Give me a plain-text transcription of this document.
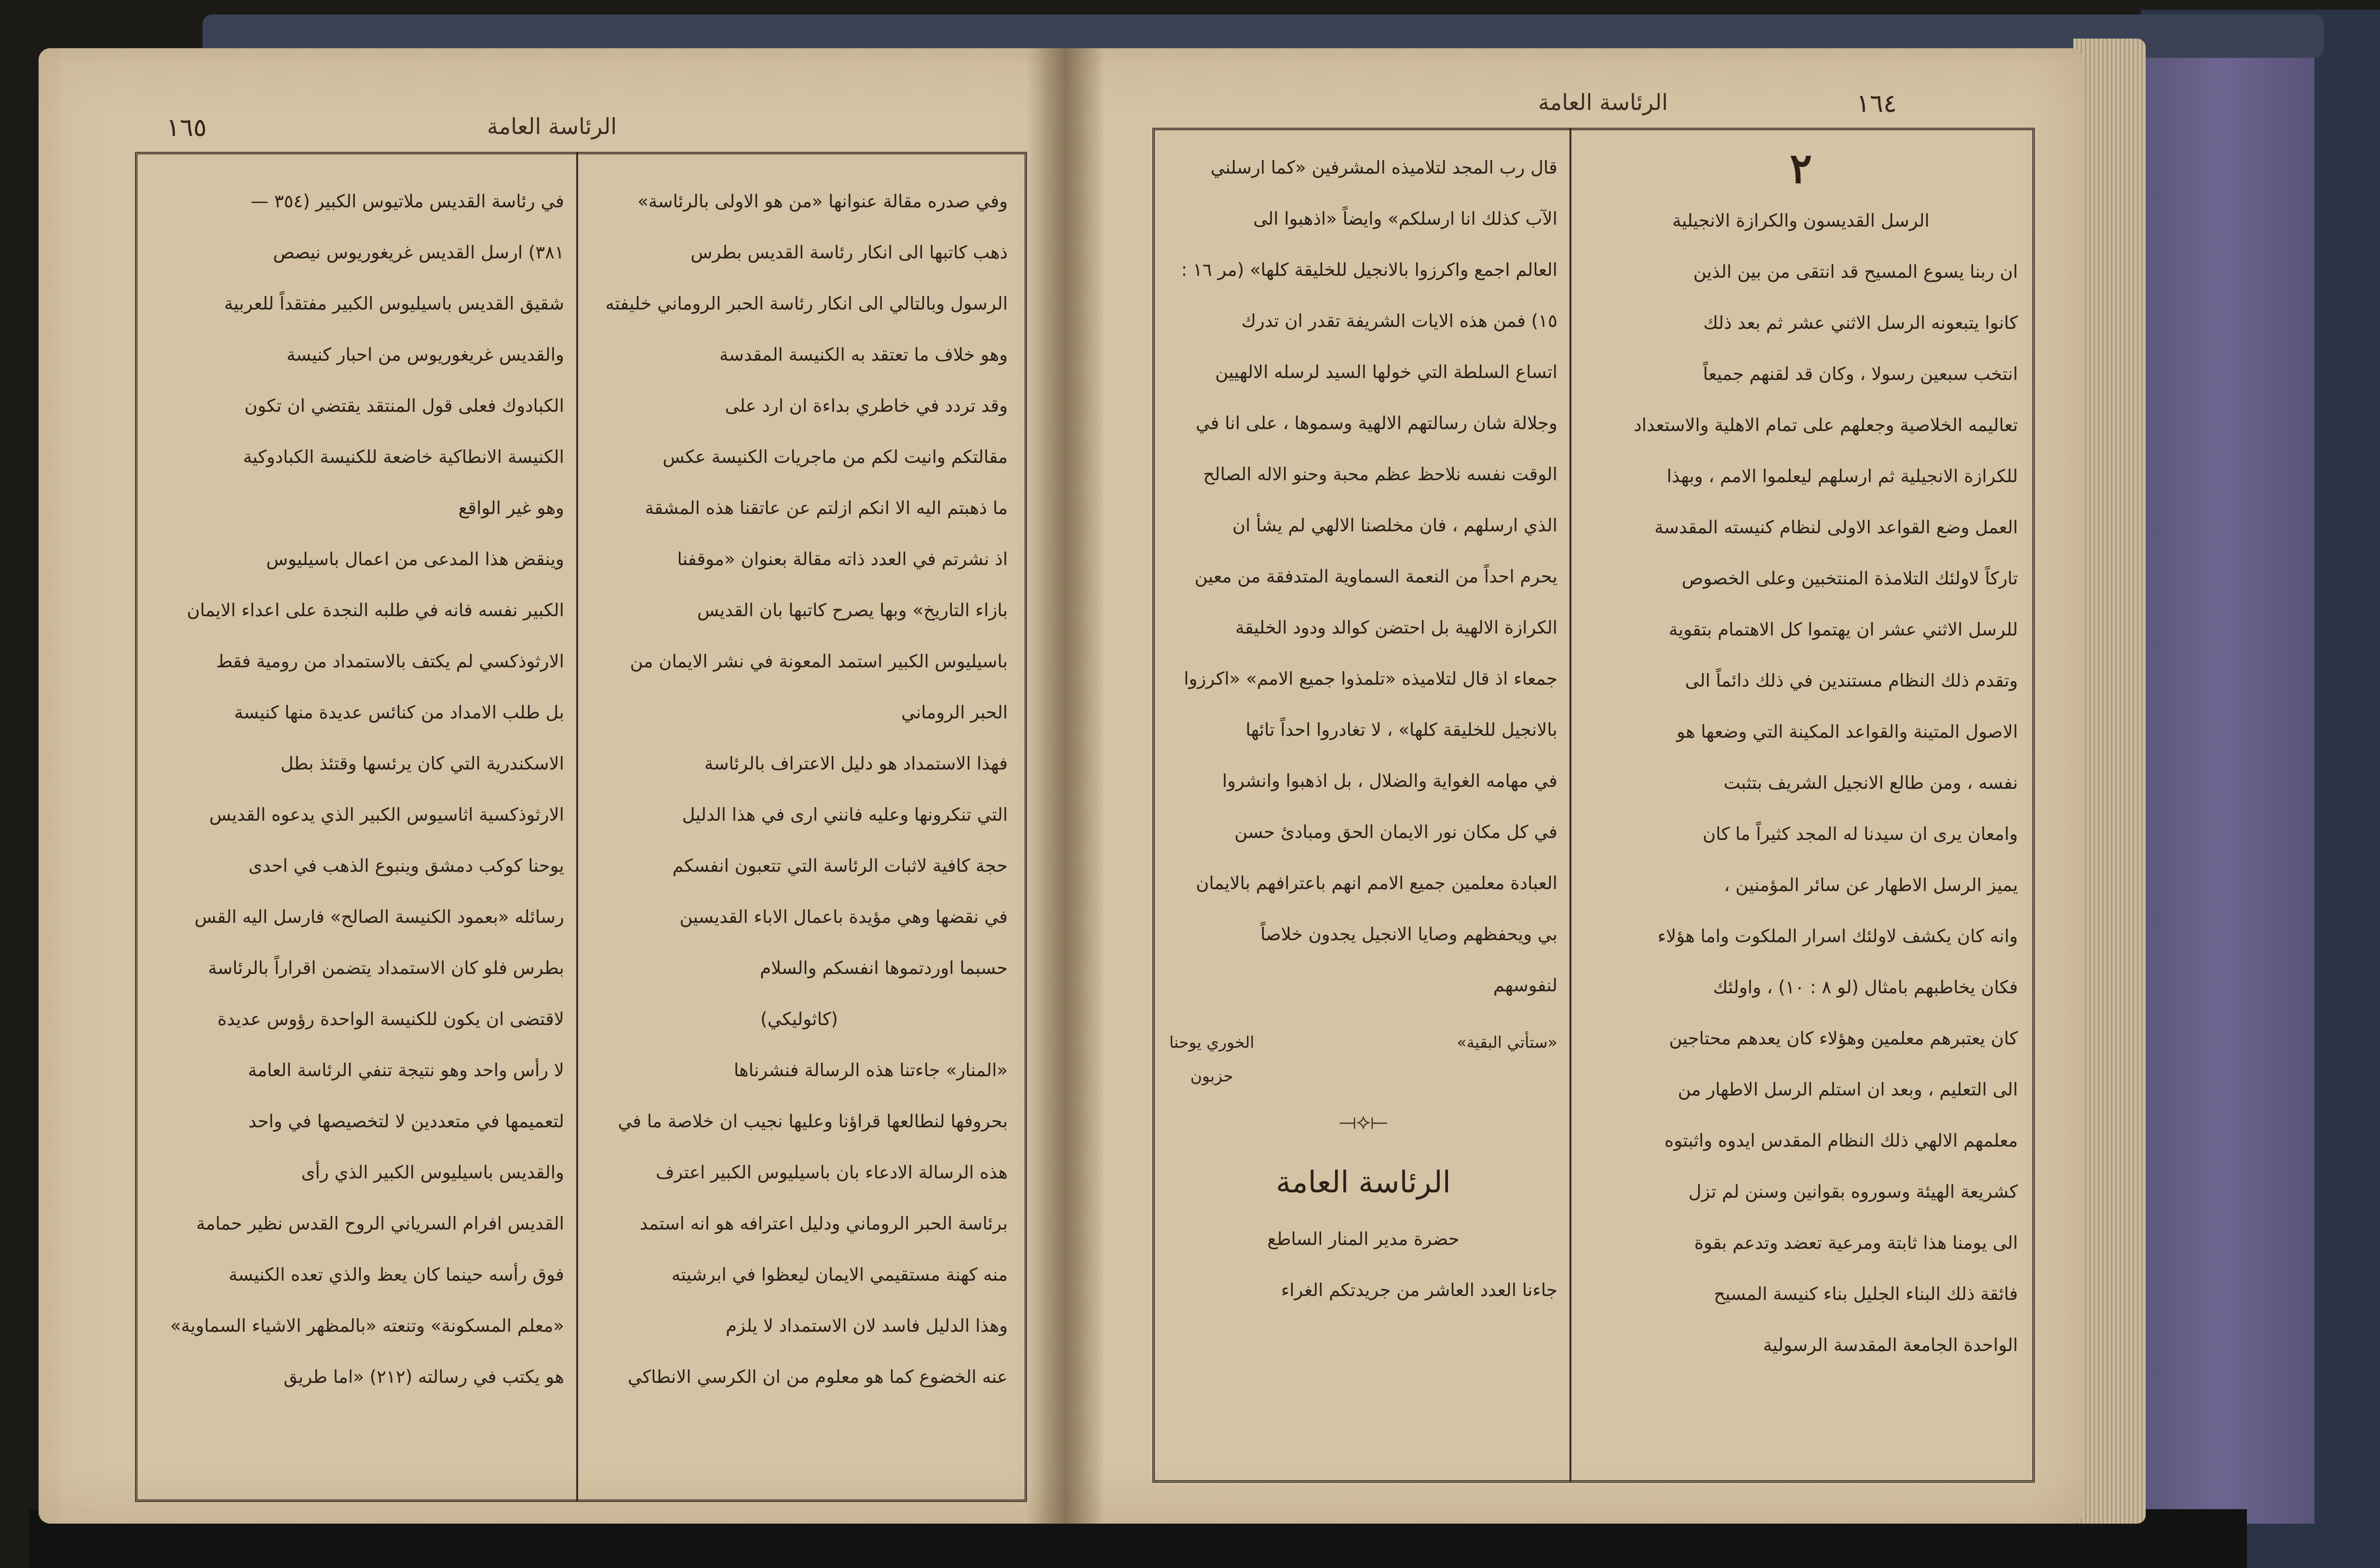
١٦٥	الرئاسة العامة

وفي صدره مقالة عنوانها «من هو الاولى بالرئاسة»

ذهب كاتبها الى انكار رئاسة القديس بطرس

الرسول وبالتالي الى انكار رئاسة الحبر الروماني خليفته

وهو خلاف ما تعتقد به الكنيسة المقدسة

وقد تردد في خاطري بداءة ان ارد على

مقالتكم وانيت لكم من ماجريات الكنيسة عكس

ما ذهبتم اليه الا انكم ازلتم عن عاتقنا هذه المشقة

اذ نشرتم في العدد ذاته مقالة بعنوان «موقفنا

بازاء التاريخ» وبها يصرح كاتبها بان القديس

باسيليوس الكبير استمد المعونة في نشر الايمان من

الحبر الروماني

فهذا الاستمداد هو دليل الاعتراف بالرئاسة

التي تنكرونها وعليه فانني ارى في هذا الدليل

حجة كافية لاثبات الرئاسة التي تتعبون انفسكم

في نقضها وهي مؤيدة باعمال الاباء القديسين

حسبما اوردتموها انفسكم والسلام

(كاثوليكي)

«المنار» جاءتنا هذه الرسالة فنشرناها

بحروفها لنطالعها قراؤنا وعليها نجيب ان خلاصة ما في

هذه الرسالة الادعاء بان باسيليوس الكبير اعترف

برئاسة الحبر الروماني ودليل اعترافه هو انه استمد

منه كهنة مستقيمي الايمان ليعظوا في ابرشيته

وهذا الدليل فاسد لان الاستمداد لا يلزم

عنه الخضوع كما هو معلوم من ان الكرسي الانطاكي

في رئاسة القديس ملاتيوس الكبير (٣٥٤ —

٣٨١) ارسل القديس غريغوريوس نيصص

شقيق القديس باسيليوس الكبير مفتقداً للعربية

والقديس غريغوريوس من احبار كنيسة

الكبادوك فعلى قول المنتقد يقتضي ان تكون

الكنيسة الانطاكية خاضعة للكنيسة الكبادوكية

وهو غير الواقع

وينقض هذا المدعى من اعمال باسيليوس

الكبير نفسه فانه في طلبه النجدة على اعداء الايمان

الارثوذكسي لم يكتف بالاستمداد من رومية فقط

بل طلب الامداد من كنائس عديدة منها كنيسة

الاسكندرية التي كان يرئسها وقتئذ بطل

الارثوذكسية اثاسيوس الكبير الذي يدعوه القديس

يوحنا كوكب دمشق وينبوع الذهب في احدى

رسائله «بعمود الكنيسة الصالح» فارسل اليه القس

بطرس فلو كان الاستمداد يتضمن اقراراً بالرئاسة

لاقتضى ان يكون للكنيسة الواحدة رؤوس عديدة

لا رأس واحد وهو نتيجة تنفي الرئاسة العامة

لتعميمها في متعددين لا لتخصيصها في واحد

والقديس باسيليوس الكبير الذي رأى

القديس افرام السرياني الروح القدس نظير حمامة

فوق رأسه حينما كان يعظ والذي تعده الكنيسة

«معلم المسكونة» وتنعته «بالمظهر الاشياء السماوية»

هو يكتب في رسالته (٢١٢) «اما طريق

الرئاسة العامة	١٦٤

٢

الرسل القديسون والكرازة الانجيلية

ان ربنا يسوع المسيح قد انتقى من بين الذين

كانوا يتبعونه الرسل الاثني عشر ثم بعد ذلك

انتخب سبعين رسولا ، وكان قد لقنهم جميعاً

تعاليمه الخلاصية وجعلهم على تمام الاهلية والاستعداد

للكرازة الانجيلية ثم ارسلهم ليعلموا الامم ، وبهذا

العمل وضع القواعد الاولى لنظام كنيسته المقدسة

تاركاً لاولئك التلامذة المنتخبين وعلى الخصوص

للرسل الاثني عشر ان يهتموا كل الاهتمام بتقوية

وتقدم ذلك النظام مستندين في ذلك دائماً الى

الاصول المتينة والقواعد المكينة التي وضعها هو

نفسه ، ومن طالع الانجيل الشريف بتثبت

وامعان يرى ان سيدنا له المجد كثيراً ما كان

يميز الرسل الاطهار عن سائر المؤمنين ،

وانه كان يكشف لاولئك اسرار الملكوت واما هؤلاء

فكان يخاطبهم بامثال (لو ٨ : ١٠) ، واولئك

كان يعتبرهم معلمين وهؤلاء كان يعدهم محتاجين

الى التعليم ، وبعد ان استلم الرسل الاطهار من

معلمهم الالهي ذلك النظام المقدس ايدوه واثبتوه

كشريعة الهيئة وسوروه بقوانين وسنن لم تزل

الى يومنا هذا ثابتة ومرعية تعضد وتدعم بقوة

فائقة ذلك البناء الجليل بناء كنيسة المسيح

الواحدة الجامعة المقدسة الرسولية

قال رب المجد لتلاميذه المشرفين «كما ارسلني

الآب كذلك انا ارسلكم» وايضاً «اذهبوا الى

العالم اجمع واكرزوا بالانجيل للخليقة كلها» (مر ١٦ :

١٥) فمن هذه الايات الشريفة تقدر ان تدرك

اتساع السلطة التي خولها السيد لرسله الالهيين

وجلالة شان رسالتهم الالهية وسموها ، على انا في

الوقت نفسه نلاحظ عظم محبة وحنو الاله الصالح

الذي ارسلهم ، فان مخلصنا الالهي لم يشأ ان

يحرم احداً من النعمة السماوية المتدفقة من معين

الكرازة الالهية بل احتضن كوالد ودود الخليقة

جمعاء اذ قال لتلاميذه «تلمذوا جميع الامم» «اكرزوا

بالانجيل للخليقة كلها» ، لا تغادروا احداً تائها

في مهامه الغواية والضلال ، بل اذهبوا وانشروا

في كل مكان نور الايمان الحق ومبادئ حسن

العبادة معلمين جميع الامم انهم باعترافهم بالايمان

بي ويحفظهم وصايا الانجيل يجدون خلاصاً

لنفوسهم

«ستأتي البقية»
الخوري يوحنا
حزبون

⟞⟡⟝

الرئاسة العامة

حضرة مدير المنار الساطع

جاءنا العدد العاشر من جريدتكم الغراء
